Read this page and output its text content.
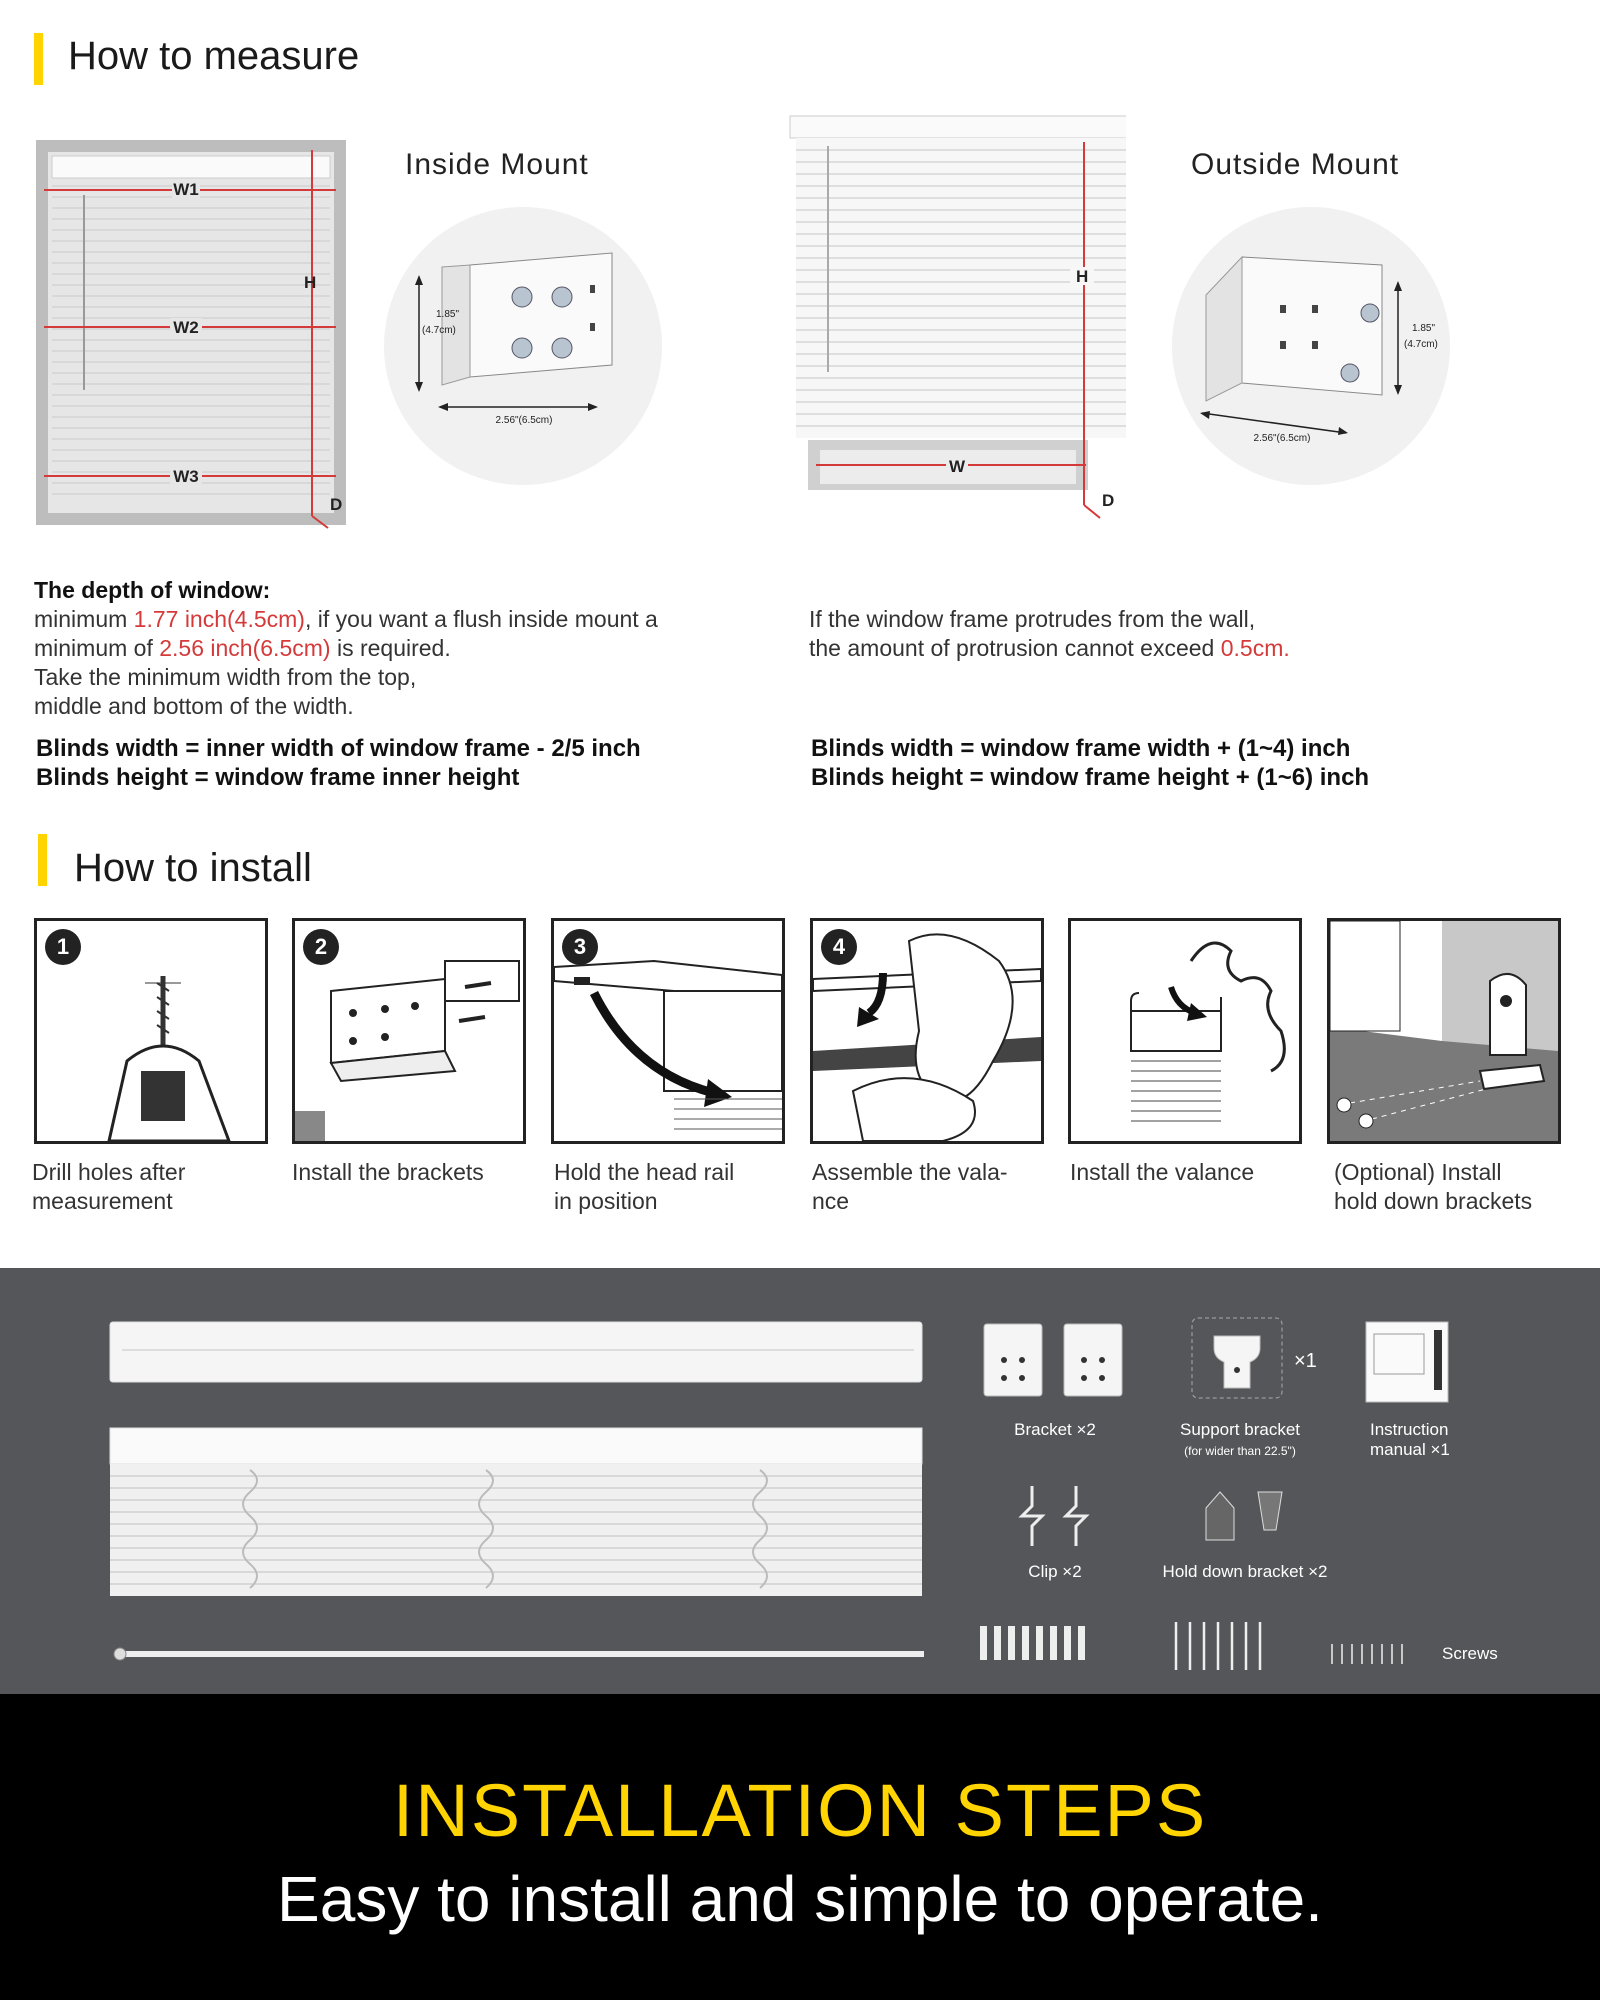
How to measure
W1
W2
W3
H
D
Inside Mount
1.85"
(4.7cm)
2.56"(6.5cm)
H
W
D
Outside Mount
1.85"
(4.7cm)
2.56"(6.5cm)
The depth of window:
minimum 1.77 inch(4.5cm), if you want a flush inside mount a
minimum of 2.56 inch(6.5cm) is required.
Take the minimum width from the top,
middle and bottom of the width.
Blinds width = inner width of window frame - 2/5 inch
Blinds height = window frame inner height
If the window frame protrudes from the wall,
the amount of protrusion cannot exceed 0.5cm.
Blinds width = window frame width + (1~4) inch
Blinds height = window frame height + (1~6) inch
How to install
1
Drill holes after
measurement
2
Install the brackets

3
Hold the head rail
in position
4
Assemble the vala-
nce
Install the valance	(Optional) Install
hold down brackets
Bracket ×2
×1
Support bracket
(for wider than 22.5")
Instruction
manual ×1
Clip ×2	Hold down bracket ×2
Screws
INSTALLATION STEPS
Easy to install and simple to operate.
